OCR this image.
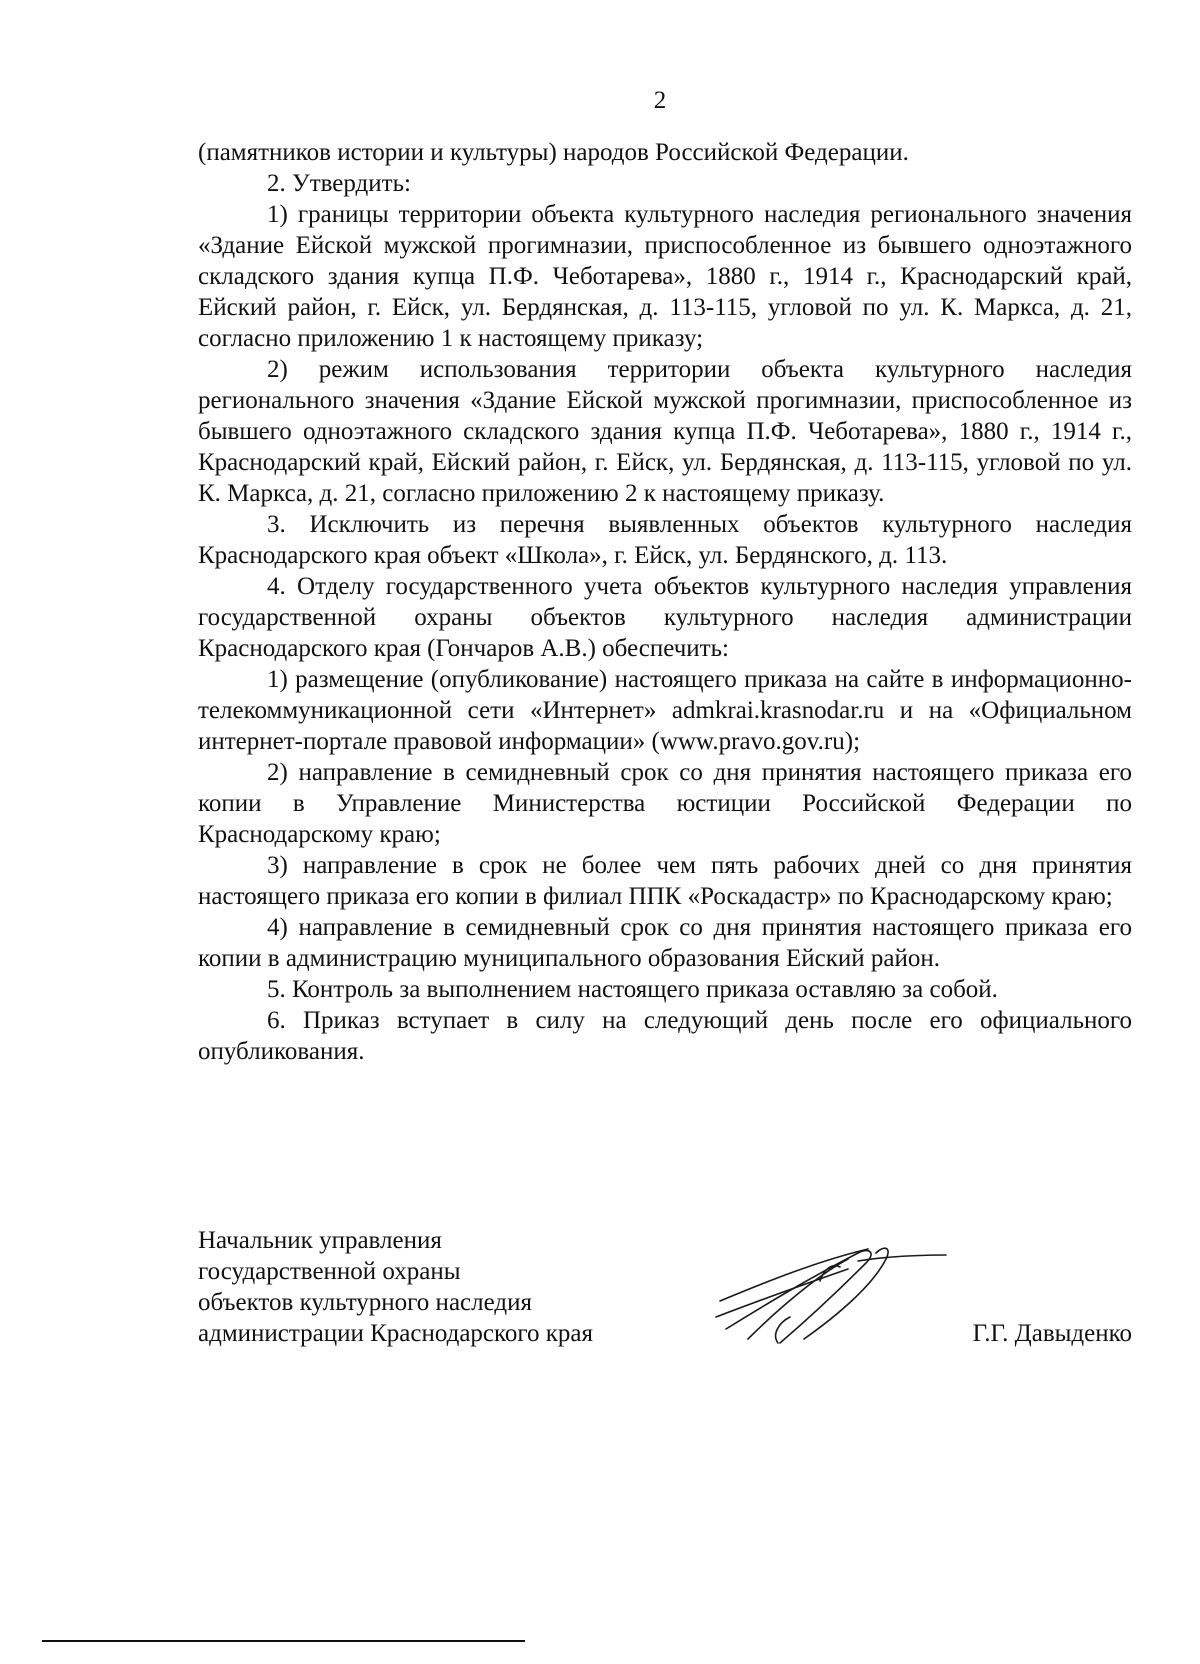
2

(памятников истории и культуры) народов Российской Федерации.

2. Утвердить:

1) границы территории объекта культурного наследия регионального значения «Здание Ейской мужской прогимназии, приспособленное из бывшего одноэтажного складского здания купца П.Ф. Чеботарева», 1880 г., 1914 г., Краснодарский край, Ейский район, г. Ейск, ул. Бердянская, д. 113-115, угловой по ул. К. Маркса, д. 21, согласно приложению 1 к настоящему приказу;

2) режим использования территории объекта культурного наследия регионального значения «Здание Ейской мужской прогимназии, приспособленное из бывшего одноэтажного складского здания купца П.Ф. Чеботарева», 1880 г., 1914 г., Краснодарский край, Ейский район, г. Ейск, ул. Бердянская, д. 113-115, угловой по ул. К. Маркса, д. 21, согласно приложению 2 к настоящему приказу.

3. Исключить из перечня выявленных объектов культурного наследия Краснодарского края объект «Школа», г. Ейск, ул. Бердянского, д. 113.

4. Отделу государственного учета объектов культурного наследия управления государственной охраны объектов культурного наследия администрации Краснодарского края (Гончаров А.В.) обеспечить:

1) размещение (опубликование) настоящего приказа на сайте в информационно-телекоммуникационной сети «Интернет» admkrai.krasnodar.ru и на «Официальном интернет-портале правовой информации» (www.pravo.gov.ru);

2) направление в семидневный срок со дня принятия настоящего приказа его копии в Управление Министерства юстиции Российской Федерации по Краснодарскому краю;

3) направление в срок не более чем пять рабочих дней со дня принятия настоящего приказа его копии в филиал ППК «Роскадастр» по Краснодарскому краю;

4) направление в семидневный срок со дня принятия настоящего приказа его копии в администрацию муниципального образования Ейский район.

5. Контроль за выполнением настоящего приказа оставляю за собой.

6. Приказ вступает в силу на следующий день после его официального опубликования.

Начальник управления
государственной охраны
объектов культурного наследия
администрации Краснодарского края	Г.Г. Давыденко
